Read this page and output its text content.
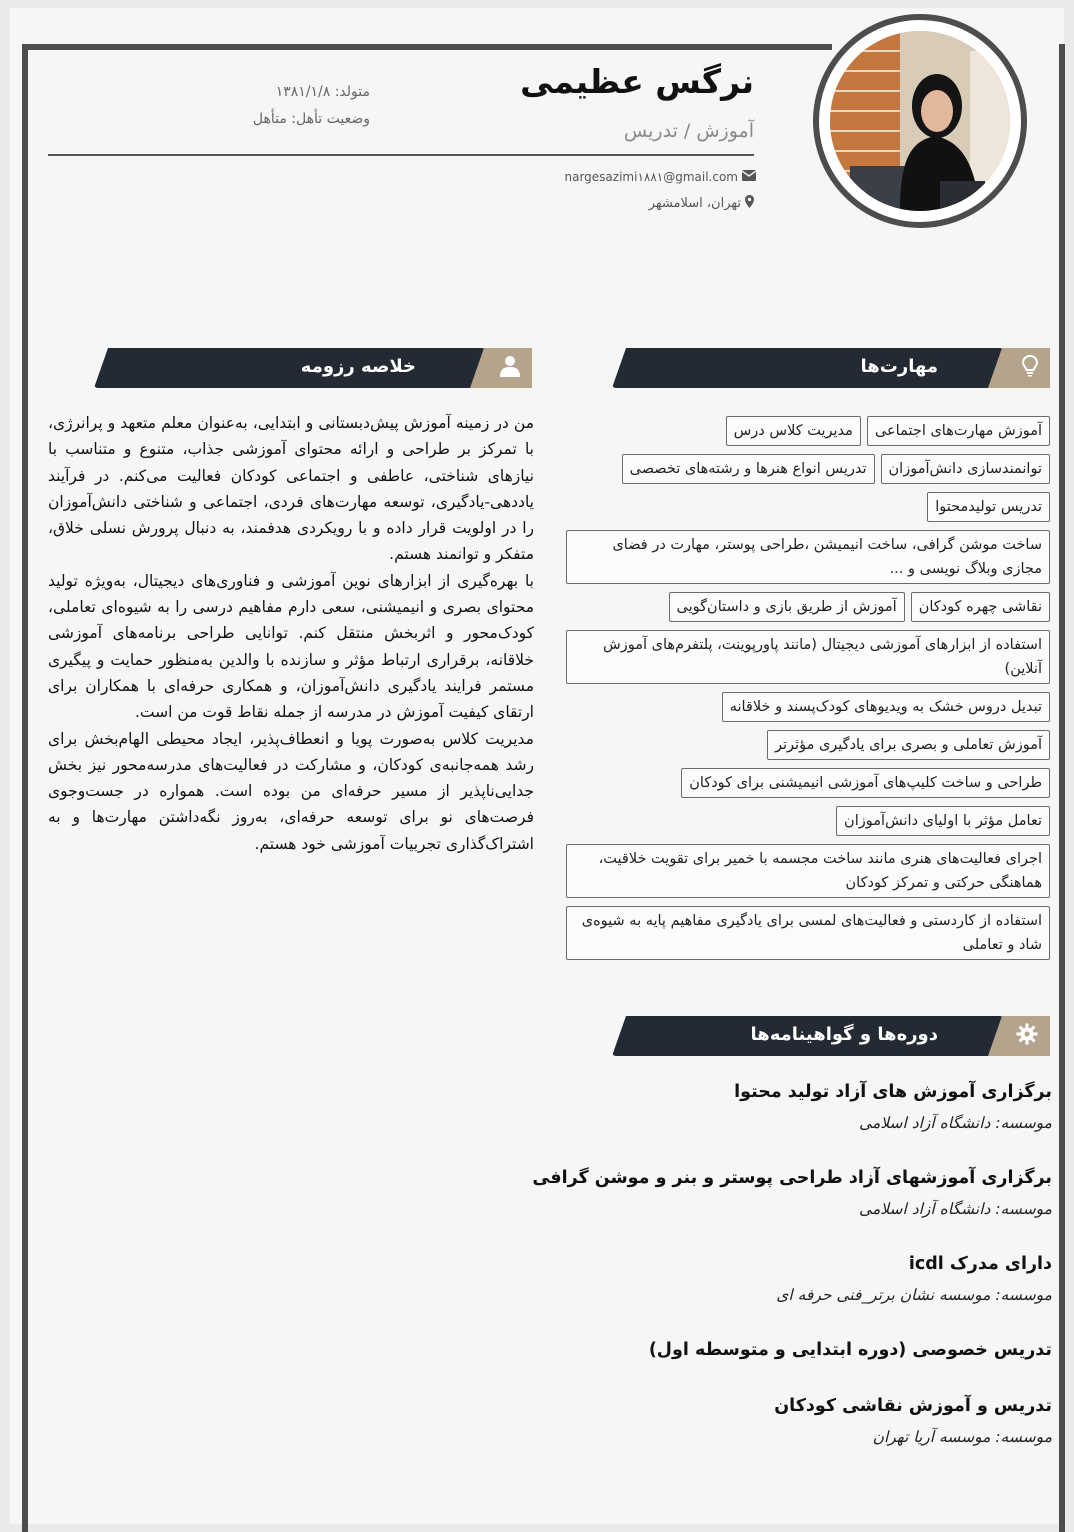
نرگس عظیمی
آموزش / تدریس
متولد: ۱۳۸۱/۱/۸
وضعیت تأهل: متأهل
nargesazimi۱۸۸۱@gmail.com
تهران، اسلامشهر
خلاصه رزومه

من در زمینه آموزش پیش‌دبستانی و ابتدایی، به‌عنوان معلم متعهد و پرانرژی، با تمرکز بر طراحی و ارائه محتوای آموزشی جذاب، متنوع و متناسب با نیازهای شناختی، عاطفی و اجتماعی کودکان فعالیت می‌کنم. در فرآیند یاددهی-یادگیری، توسعه مهارت‌های فردی، اجتماعی و شناختی دانش‌آموزان را در اولویت قرار داده و با رویکردی هدفمند، به دنبال پرورش نسلی خلاق، متفکر و توانمند هستم.

با بهره‌گیری از ابزارهای نوین آموزشی و فناوری‌های دیجیتال، به‌ویژه تولید محتوای بصری و انیمیشنی، سعی دارم مفاهیم درسی را به شیوه‌ای تعاملی، کودک‌محور و اثربخش منتقل کنم. توانایی طراحی برنامه‌های آموزشی خلاقانه، برقراری ارتباط مؤثر و سازنده با والدین به‌منظور حمایت و پیگیری مستمر فرایند یادگیری دانش‌آموزان، و همکاری حرفه‌ای با همکاران برای ارتقای کیفیت آموزش در مدرسه از جمله نقاط قوت من است.

مدیریت کلاس به‌صورت پویا و انعطاف‌پذیر، ایجاد محیطی الهام‌بخش برای رشد همه‌جانبه‌ی کودکان، و مشارکت در فعالیت‌های مدرسه‌محور نیز بخش جدایی‌ناپذیر از مسیر حرفه‌ای من بوده است. همواره در جست‌وجوی فرصت‌های نو برای توسعه حرفه‌ای، به‌روز نگه‌داشتن مهارت‌ها و به اشتراک‌گذاری تجربیات آموزشی خود هستم.

مهارت‌ها
آموزش مهارت‌های اجتماعی
مدیریت کلاس درس
توانمندسازی دانش‌آموزان
تدریس انواع هنرها و رشته‌های تخصصی
تدریس تولیدمحتوا
ساخت موشن گرافی، ساخت انیمیشن ،طراحی پوستر، مهارت در فضای مجازی وبلاگ نویسی و ...
نقاشی چهره کودکان
آموزش از طریق بازی و داستان‌گویی
استفاده از ابزارهای آموزشی دیجیتال (مانند پاورپوینت، پلتفرم‌های آموزش آنلاین)
تبدیل دروس خشک به ویدیوهای کودک‌پسند و خلاقانه
آموزش تعاملی و بصری برای یادگیری مؤثرتر
طراحی و ساخت کلیپ‌های آموزشی انیمیشنی برای کودکان
تعامل مؤثر با اولیای دانش‌آموزان
اجرای فعالیت‌های هنری مانند ساخت مجسمه با خمیر برای تقویت خلاقیت، هماهنگی حرکتی و تمرکز کودکان
استفاده از کاردستی و فعالیت‌های لمسی برای یادگیری مفاهیم پایه به شیوه‌ی شاد و تعاملی
دوره‌ها و گواهینامه‌ها
برگزاری آموزش های آزاد تولید محتوا
موسسه: دانشگاه آزاد اسلامی
برگزاری آموزشهای آزاد طراحی پوستر و بنر و موشن گرافی
موسسه: دانشگاه آزاد اسلامی
دارای مدرک icdl
موسسه: موسسه نشان برتر_فنی حرفه ای
تدریس خصوصی (دوره ابتدایی و متوسطه اول)
تدریس و آموزش نقاشی کودکان
موسسه: موسسه آریا تهران
